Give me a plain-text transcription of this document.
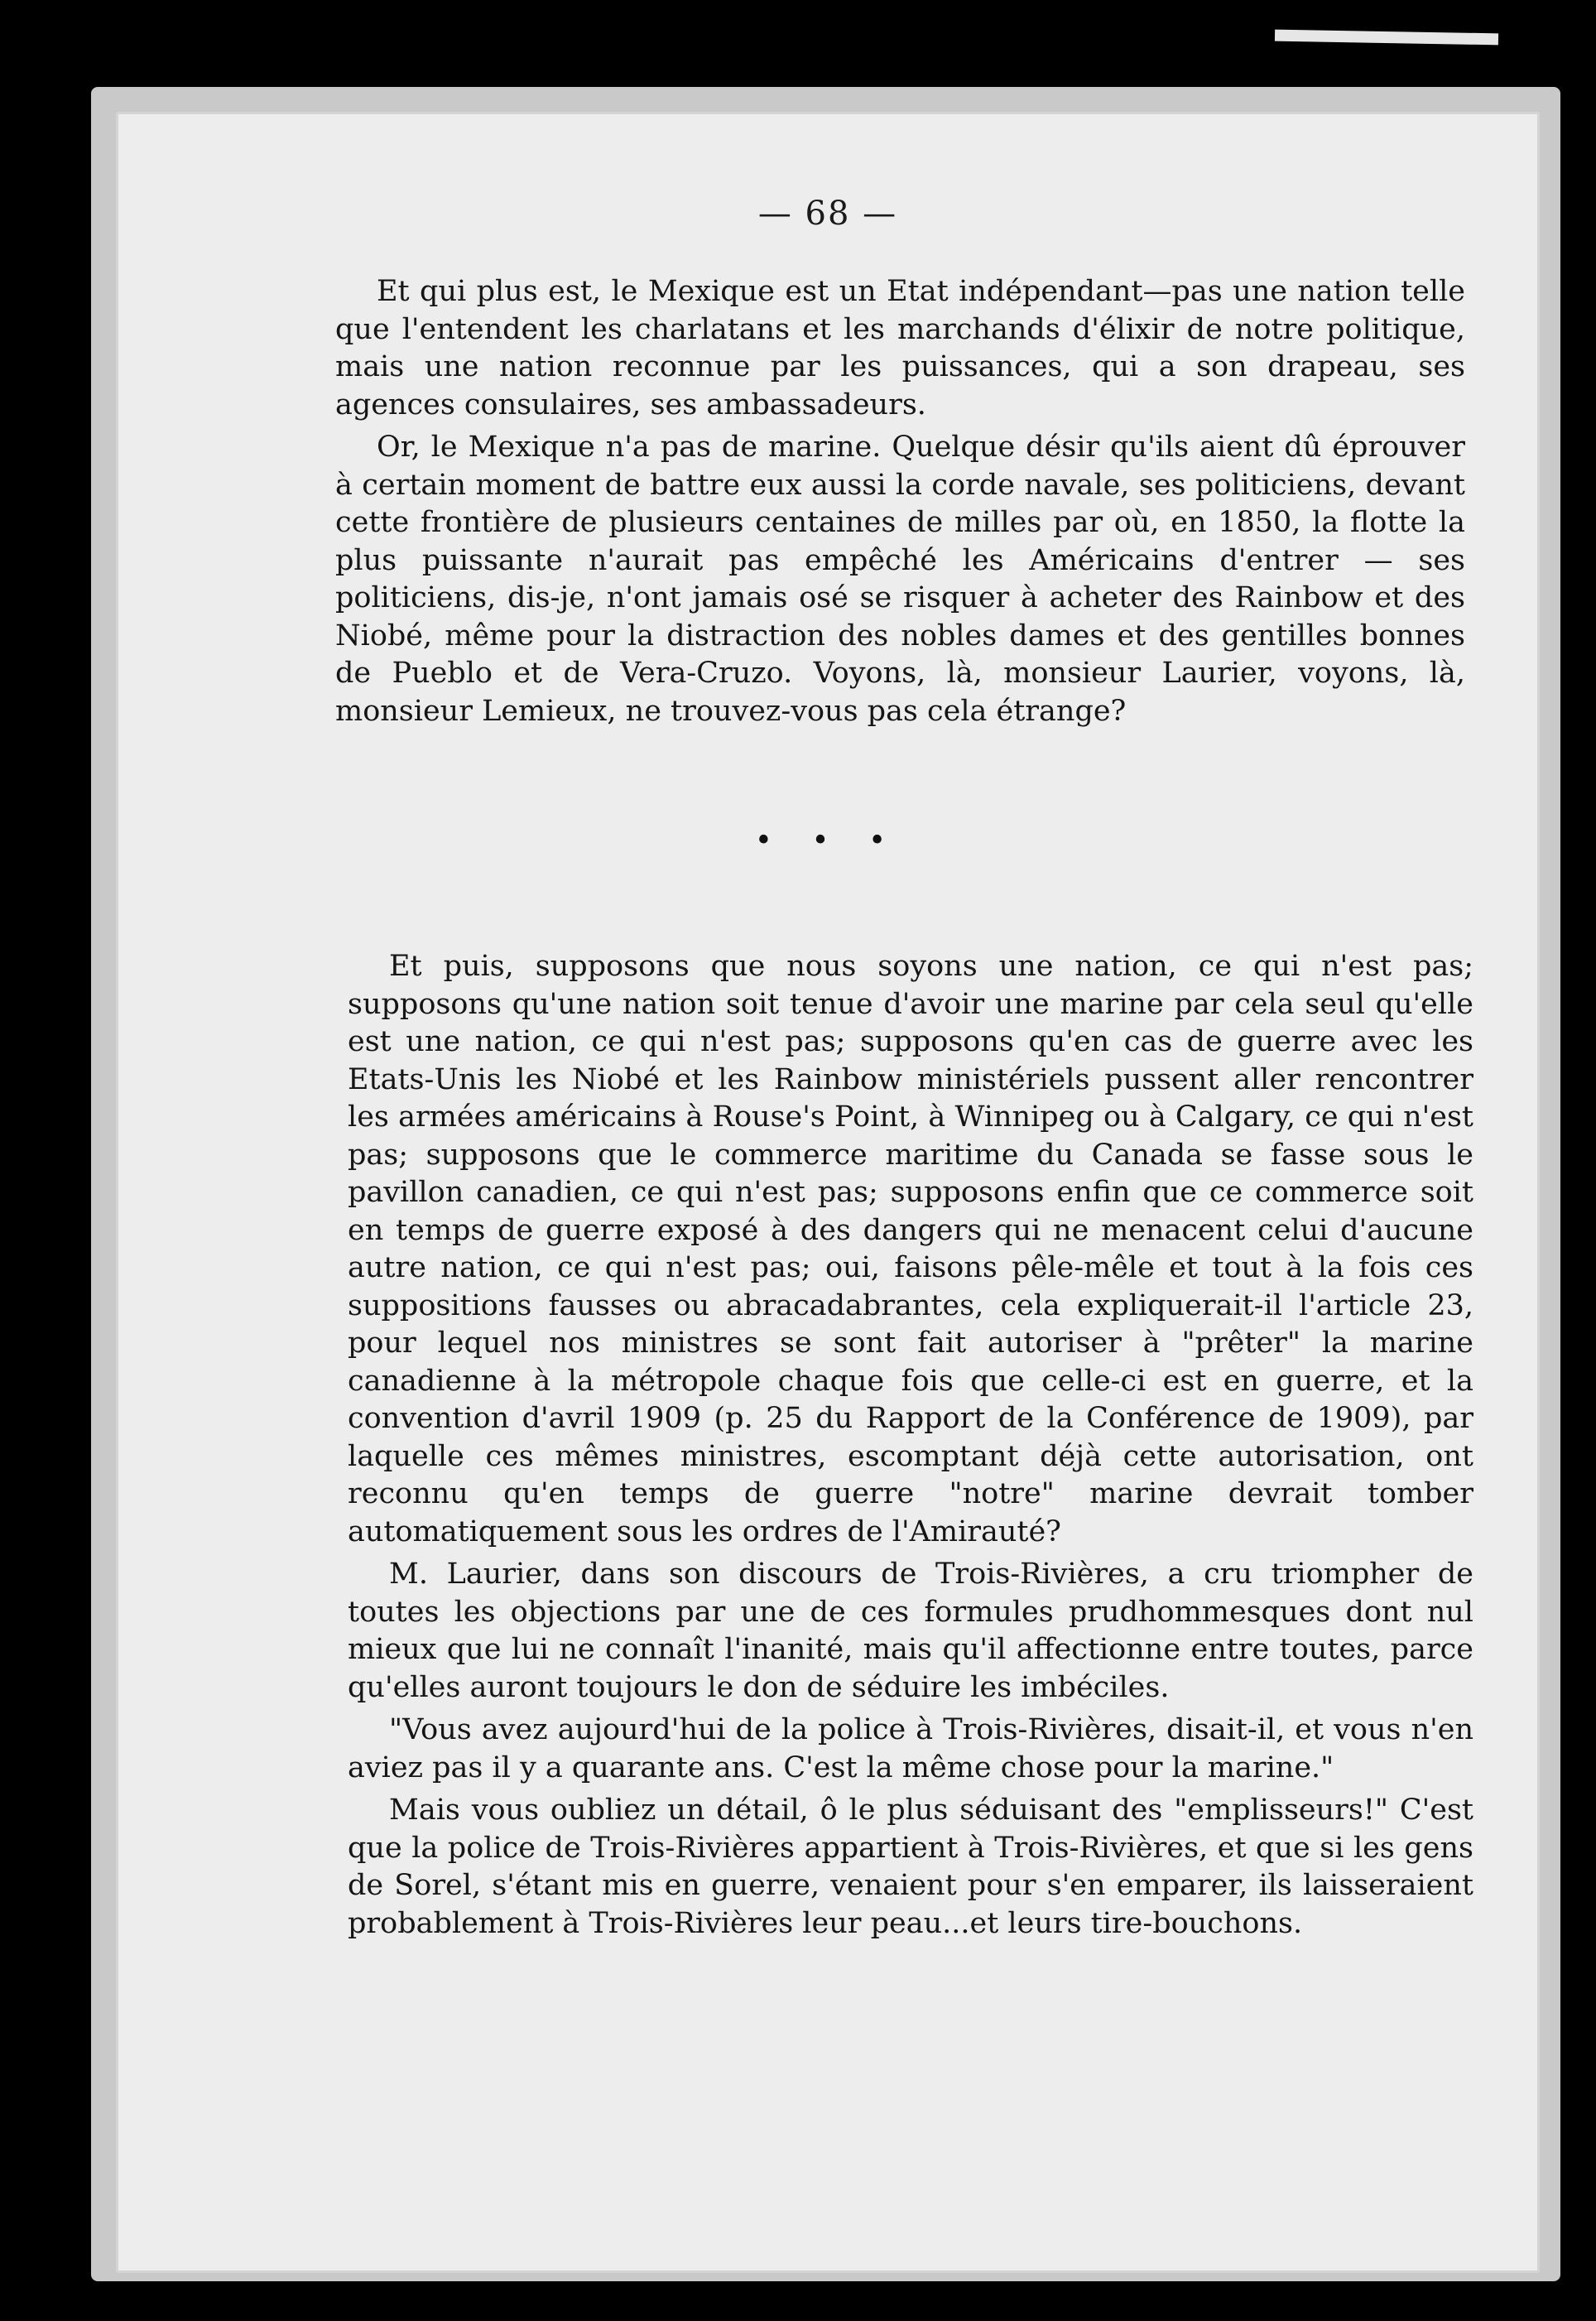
— 68 —

Et qui plus est, le Mexique est un Etat indépendant—pas une nation telle que l'entendent les charlatans et les marchands d'élixir de notre politique, mais une nation reconnue par les puissances, qui a son drapeau, ses agences consulaires, ses ambassadeurs.

Or, le Mexique n'a pas de marine. Quelque désir qu'ils aient dû éprouver à certain moment de battre eux aussi la corde navale, ses politiciens, devant cette frontière de plusieurs centaines de milles par où, en 1850, la flotte la plus puissante n'aurait pas empêché les Américains d'entrer — ses politiciens, dis-je, n'ont jamais osé se risquer à acheter des Rainbow et des Niobé, même pour la distraction des nobles dames et des gentilles bonnes de Pueblo et de Vera-Cruzo. Voyons, là, monsieur Laurier, voyons, là, monsieur Lemieux, ne trouvez-vous pas cela étrange?

• • •

Et puis, supposons que nous soyons une nation, ce qui n'est pas; supposons qu'une nation soit tenue d'avoir une marine par cela seul qu'elle est une nation, ce qui n'est pas; supposons qu'en cas de guerre avec les Etats-Unis les Niobé et les Rainbow ministériels pussent aller rencontrer les armées américains à Rouse's Point, à Winnipeg ou à Calgary, ce qui n'est pas; supposons que le commerce maritime du Canada se fasse sous le pavillon canadien, ce qui n'est pas; supposons enfin que ce commerce soit en temps de guerre exposé à des dangers qui ne menacent celui d'aucune autre nation, ce qui n'est pas; oui, faisons pêle-mêle et tout à la fois ces suppositions fausses ou abracadabrantes, cela expliquerait-il l'article 23, pour lequel nos ministres se sont fait autoriser à "prêter" la marine canadienne à la métropole chaque fois que celle-ci est en guerre, et la convention d'avril 1909 (p. 25 du Rapport de la Conférence de 1909), par laquelle ces mêmes ministres, escomptant déjà cette autorisation, ont reconnu qu'en temps de guerre "notre" marine devrait tomber automatiquement sous les ordres de l'Amirauté?

M. Laurier, dans son discours de Trois-Rivières, a cru triompher de toutes les objections par une de ces formules prudhommesques dont nul mieux que lui ne connaît l'inanité, mais qu'il affectionne entre toutes, parce qu'elles auront toujours le don de séduire les imbéciles.

"Vous avez aujourd'hui de la police à Trois-Rivières, disait-il, et vous n'en aviez pas il y a quarante ans. C'est la même chose pour la marine."

Mais vous oubliez un détail, ô le plus séduisant des "emplisseurs!" C'est que la police de Trois-Rivières appartient à Trois-Rivières, et que si les gens de Sorel, s'étant mis en guerre, venaient pour s'en emparer, ils laisseraient probablement à Trois-Rivières leur peau...et leurs tire-bouchons.
